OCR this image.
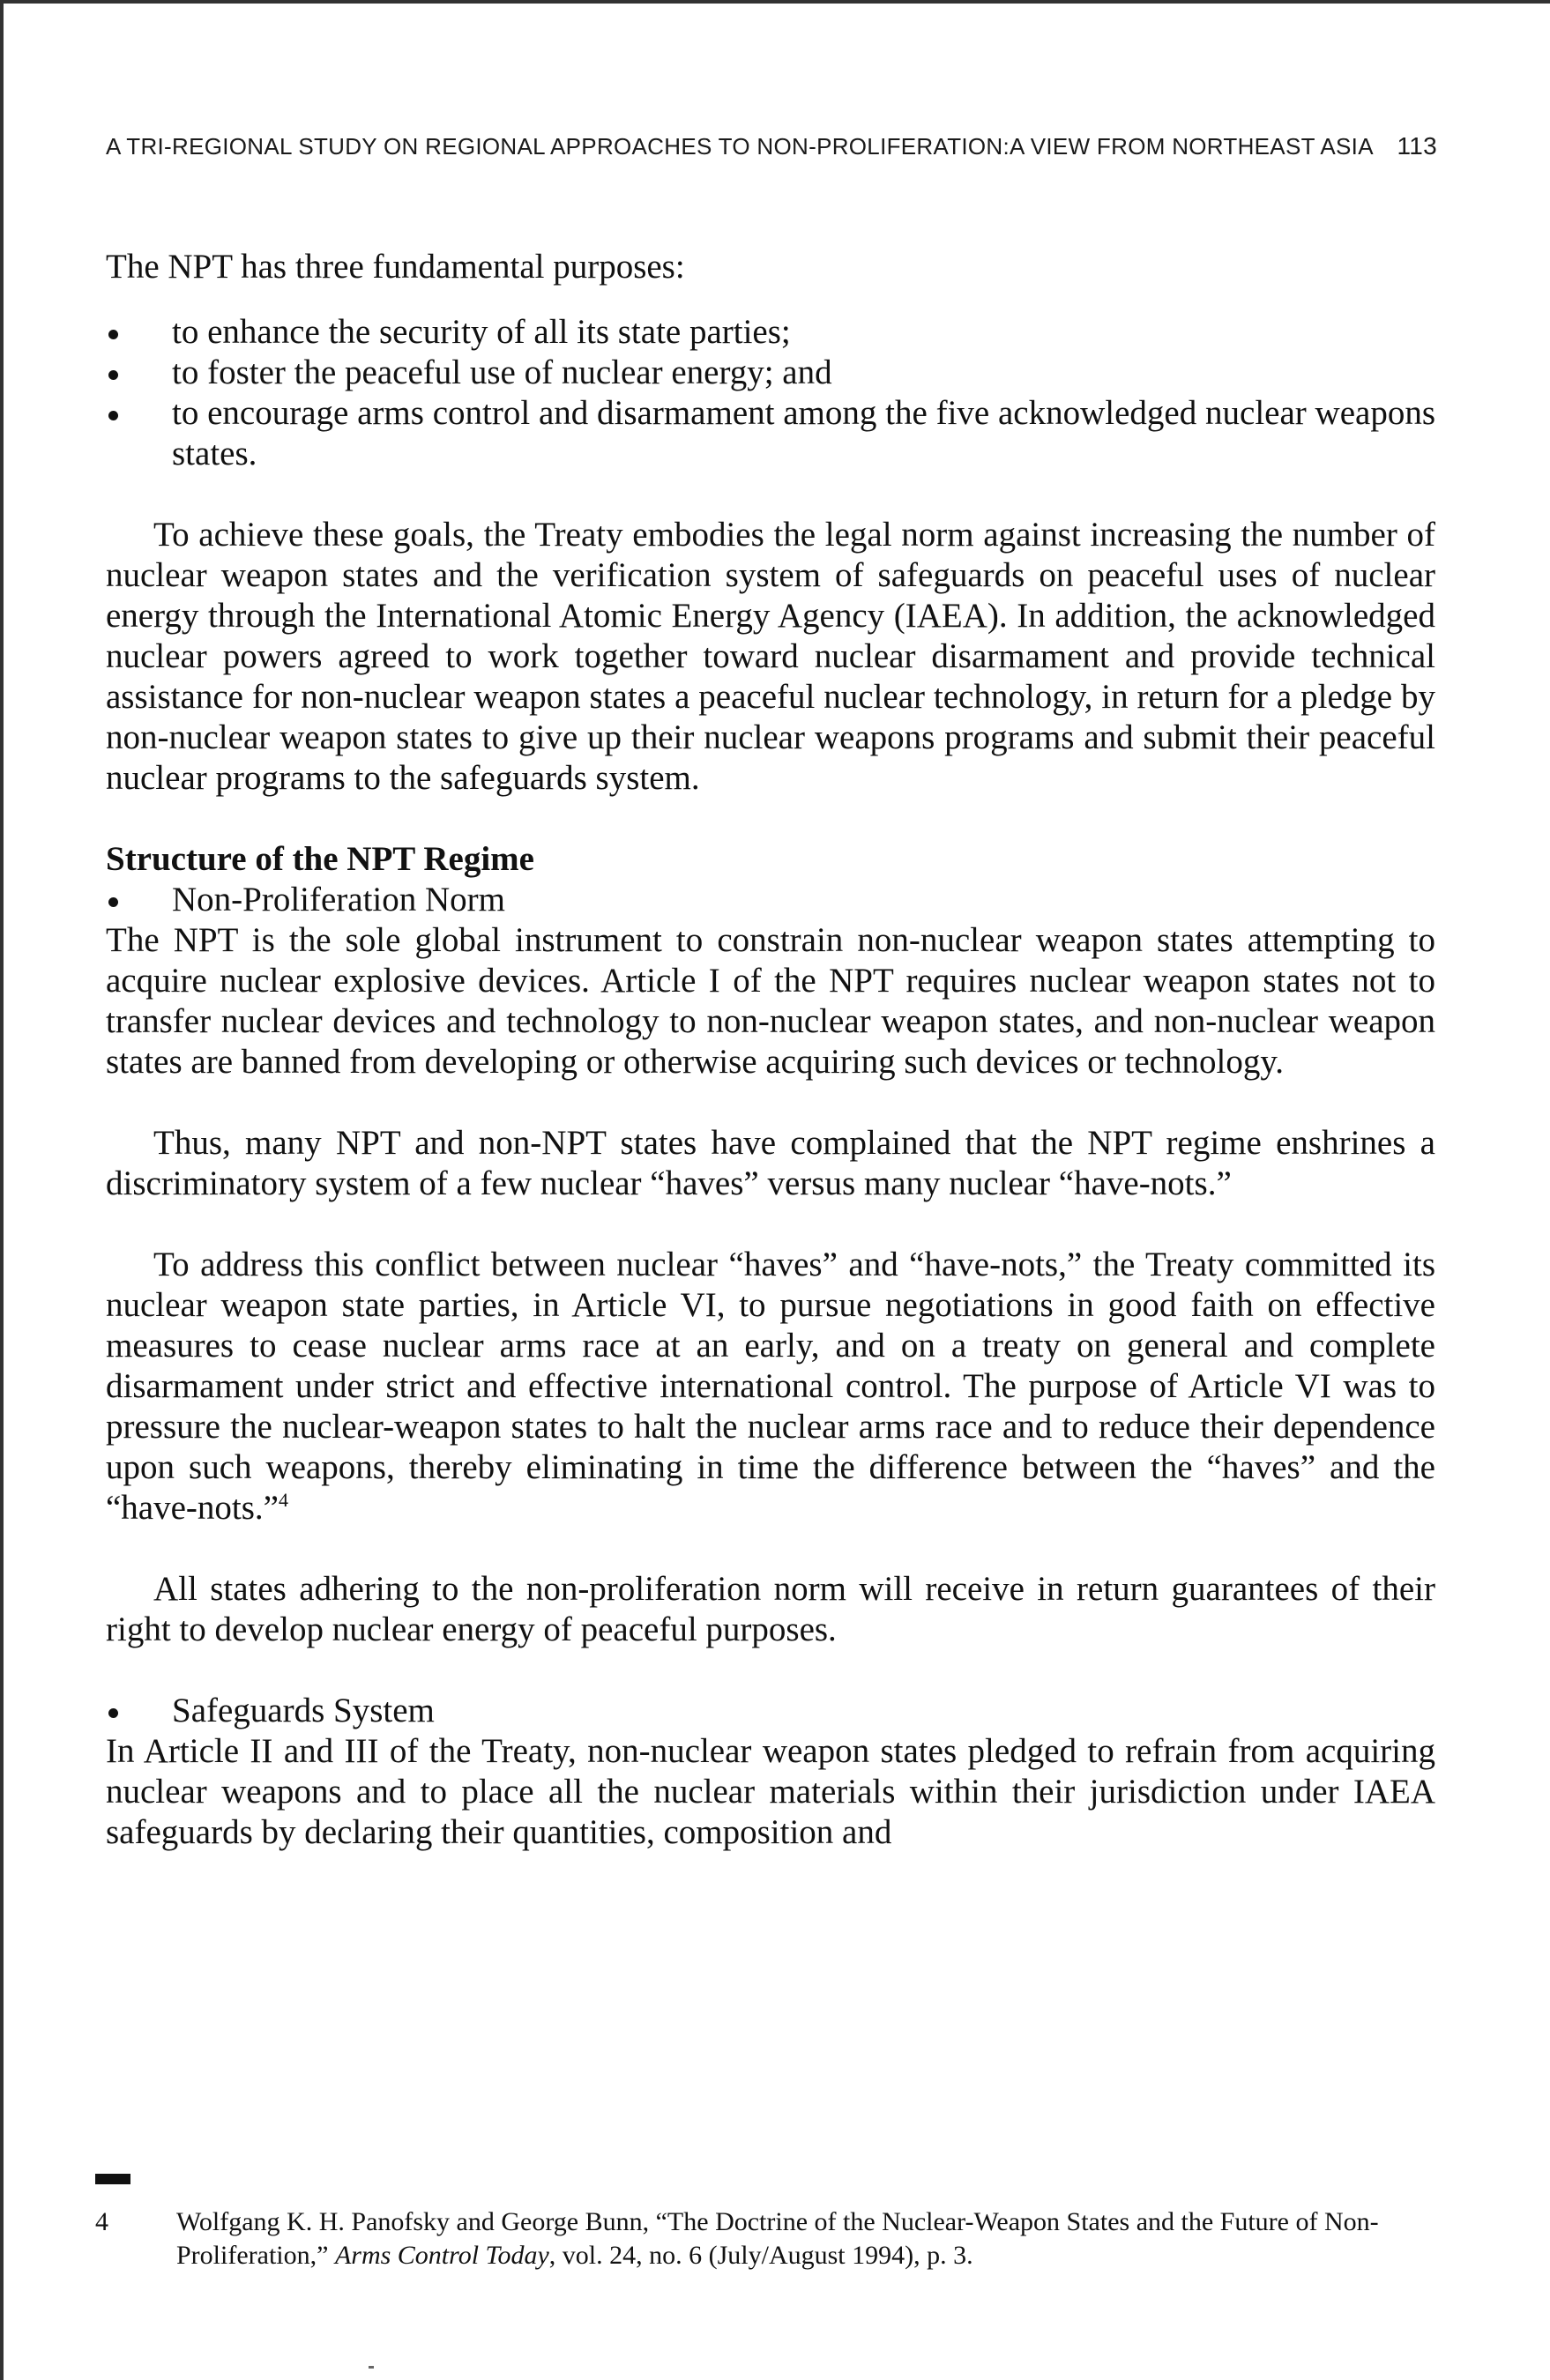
A TRI-REGIONAL STUDY ON REGIONAL APPROACHES TO NON-PROLIFERATION:A VIEW FROM NORTHEAST ASIA 113

The NPT has three fundamental purposes:

to enhance the security of all its state parties;
to foster the peaceful use of nuclear energy; and
to encourage arms control and disarmament among the five acknowledged nuclear weapons states.

To achieve these goals, the Treaty embodies the legal norm against increasing the number of nuclear weapon states and the verification system of safeguards on peaceful uses of nuclear energy through the International Atomic Energy Agency (IAEA). In addition, the acknowledged nuclear powers agreed to work together toward nuclear disarmament and provide technical assistance for non-nuclear weapon states a peaceful nuclear technology, in return for a pledge by non-nuclear weapon states to give up their nuclear weapons programs and submit their peaceful nuclear programs to the safeguards system.

Structure of the NPT Regime

Non-Proliferation Norm

The NPT is the sole global instrument to constrain non-nuclear weapon states attempting to acquire nuclear explosive devices. Article I of the NPT requires nuclear weapon states not to transfer nuclear devices and technology to non-nuclear weapon states, and non-nuclear weapon states are banned from developing or otherwise acquiring such devices or technology.

Thus, many NPT and non-NPT states have complained that the NPT regime enshrines a discriminatory system of a few nuclear “haves” versus many nuclear “have-nots.”

To address this conflict between nuclear “haves” and “have-nots,” the Treaty committed its nuclear weapon state parties, in Article VI, to pursue negotiations in good faith on effective measures to cease nuclear arms race at an early, and on a treaty on general and complete disarmament under strict and effective international control. The purpose of Article VI was to pressure the nuclear-weapon states to halt the nuclear arms race and to reduce their dependence upon such weapons, thereby eliminating in time the difference between the “haves” and the “have-nots.”$^4$

All states adhering to the non-proliferation norm will receive in return guarantees of their right to develop nuclear energy of peaceful purposes.

Safeguards System

In Article II and III of the Treaty, non-nuclear weapon states pledged to refrain from acquiring nuclear weapons and to place all the nuclear materials within their jurisdiction under IAEA safeguards by declaring their quantities, composition and

4	Wolfgang K. H. Panofsky and George Bunn, “The Doctrine of the Nuclear-Weapon States and the Future of Non-Proliferation,” Arms Control Today, vol. 24, no. 6 (July/August 1994), p. 3.
